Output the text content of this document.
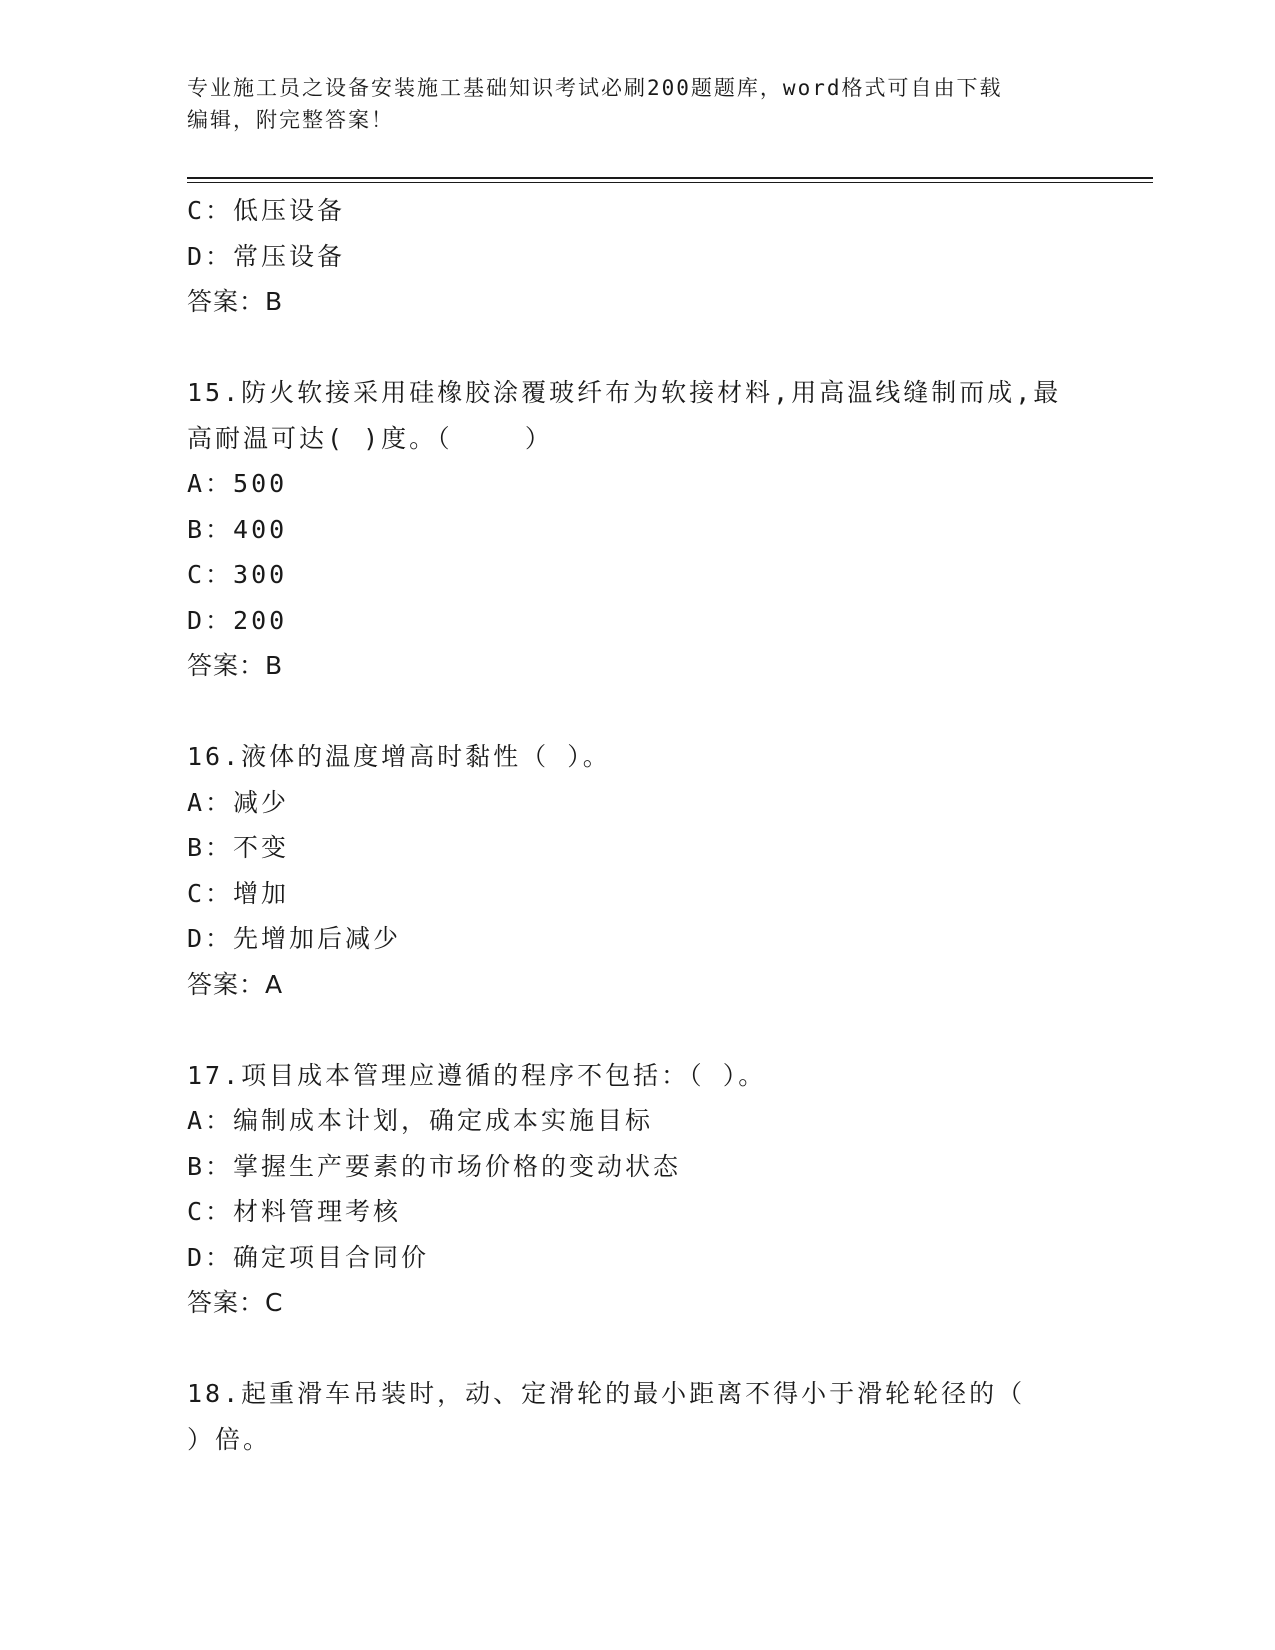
专业施工员之设备安装施工基础知识考试必刷200题题库，word格式可自由下载
编辑，附完整答案！
C：低压设备
D：常压设备
答案：B
15.防火软接采用硅橡胶涂覆玻纤布为软接材料,用高温线缝制而成,最
高耐温可达( )度。（    ）
A：500
B：400
C：300
D：200
答案：B
16.液体的温度增高时黏性（ ）。
A：减少
B：不变
C：增加
D：先增加后减少
答案：A
17.项目成本管理应遵循的程序不包括：（ ）。
A：编制成本计划，确定成本实施目标
B：掌握生产要素的市场价格的变动状态
C：材料管理考核
D：确定项目合同价
答案：C
18.起重滑车吊装时，动、定滑轮的最小距离不得小于滑轮轮径的（
）倍。
